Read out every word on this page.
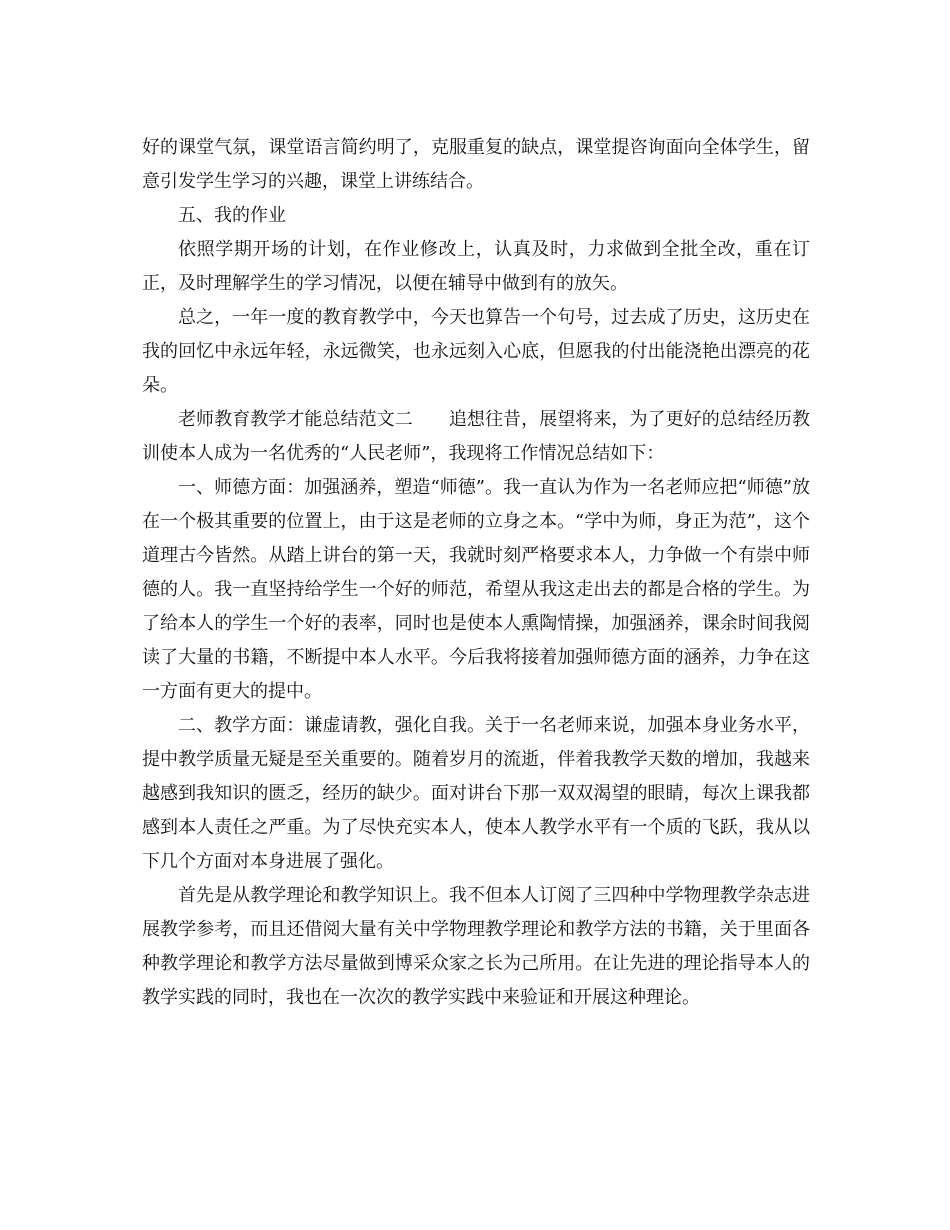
好的课堂气氛，课堂语言简约明了，克服重复的缺点，课堂提咨询面向全体学生，留意引发学生学习的兴趣，课堂上讲练结合。

五、我的作业

依照学期开场的计划，在作业修改上，认真及时，力求做到全批全改，重在订正，及时理解学生的学习情况，以便在辅导中做到有的放矢。

总之，一年一度的教育教学中，今天也算告一个句号，过去成了历史，这历史在我的回忆中永远年轻，永远微笑，也永远刻入心底，但愿我的付出能浇艳出漂亮的花朵。

老师教育教学才能总结范文二 追想往昔，展望将来，为了更好的总结经历教训使本人成为一名优秀的“人民老师”，我现将工作情况总结如下：

一、师德方面：加强涵养，塑造“师德”。我一直认为作为一名老师应把“师德”放在一个极其重要的位置上，由于这是老师的立身之本。“学中为师，身正为范”，这个道理古今皆然。从踏上讲台的第一天，我就时刻严格要求本人，力争做一个有崇中师德的人。我一直坚持给学生一个好的师范，希望从我这走出去的都是合格的学生。为了给本人的学生一个好的表率，同时也是使本人熏陶情操，加强涵养，课余时间我阅读了大量的书籍，不断提中本人水平。今后我将接着加强师德方面的涵养，力争在这一方面有更大的提中。

二、教学方面：谦虚请教，强化自我。关于一名老师来说，加强本身业务水平，提中教学质量无疑是至关重要的。随着岁月的流逝，伴着我教学天数的增加，我越来越感到我知识的匮乏，经历的缺少。面对讲台下那一双双渴望的眼睛，每次上课我都感到本人责任之严重。为了尽快充实本人，使本人教学水平有一个质的飞跃，我从以下几个方面对本身进展了强化。

首先是从教学理论和教学知识上。我不但本人订阅了三四种中学物理教学杂志进展教学参考，而且还借阅大量有关中学物理教学理论和教学方法的书籍，关于里面各种教学理论和教学方法尽量做到博采众家之长为己所用。在让先进的理论指导本人的教学实践的同时，我也在一次次的教学实践中来验证和开展这种理论。
